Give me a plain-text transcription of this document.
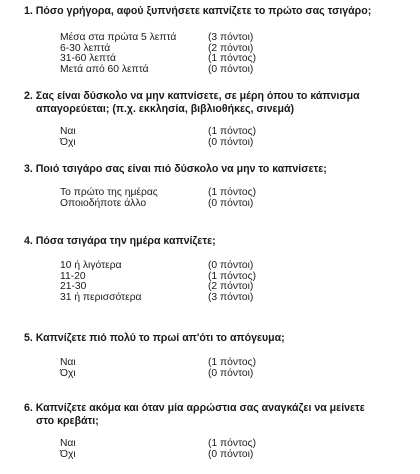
1. Πόσο γρήγορα, αφού ξυπνήσετε καπνίζετε το πρώτο σας τσιγάρο;

Μέσα στα πρώτα 5 λεπτά	(3 πόντοι)
6-30 λεπτά	(2 πόντοι)
31-60 λεπτά	(1 πόντος)
Μετά από 60 λεπτά	(0 πόντοι)

2. Σας είναι δύσκολο να μην καπνίσετε, σε μέρη όπου το κάπνισμα
απαγορεύεται; (π.χ. εκκλησία, βιβλιοθήκες, σινεμά)

Ναι	(1 πόντος)
Όχι	(0 πόντοι)

3. Ποιό τσιγάρο σας είναι πιό δύσκολο να μην το καπνίσετε;

Το πρώτο της ημέρας	(1 πόντος)
Οποιοδήποτε άλλο	(0 πόντοι)

4. Πόσα τσιγάρα την ημέρα καπνίζετε;

10 ή λιγότερα	(0 πόντοι)
11-20	(1 πόντος)
21-30	(2 πόντοι)
31 ή περισσότερα	(3 πόντοι)

5. Καπνίζετε πιό πολύ το πρωί απ'ότι το απόγευμα;

Ναι	(1 πόντος)
Όχι	(0 πόντοι)

6. Καπνίζετε ακόμα και όταν μία αρρώστια σας αναγκάζει να μείνετε
στο κρεβάτι;

Ναι	(1 πόντος)
Όχι	(0 πόντοι)
